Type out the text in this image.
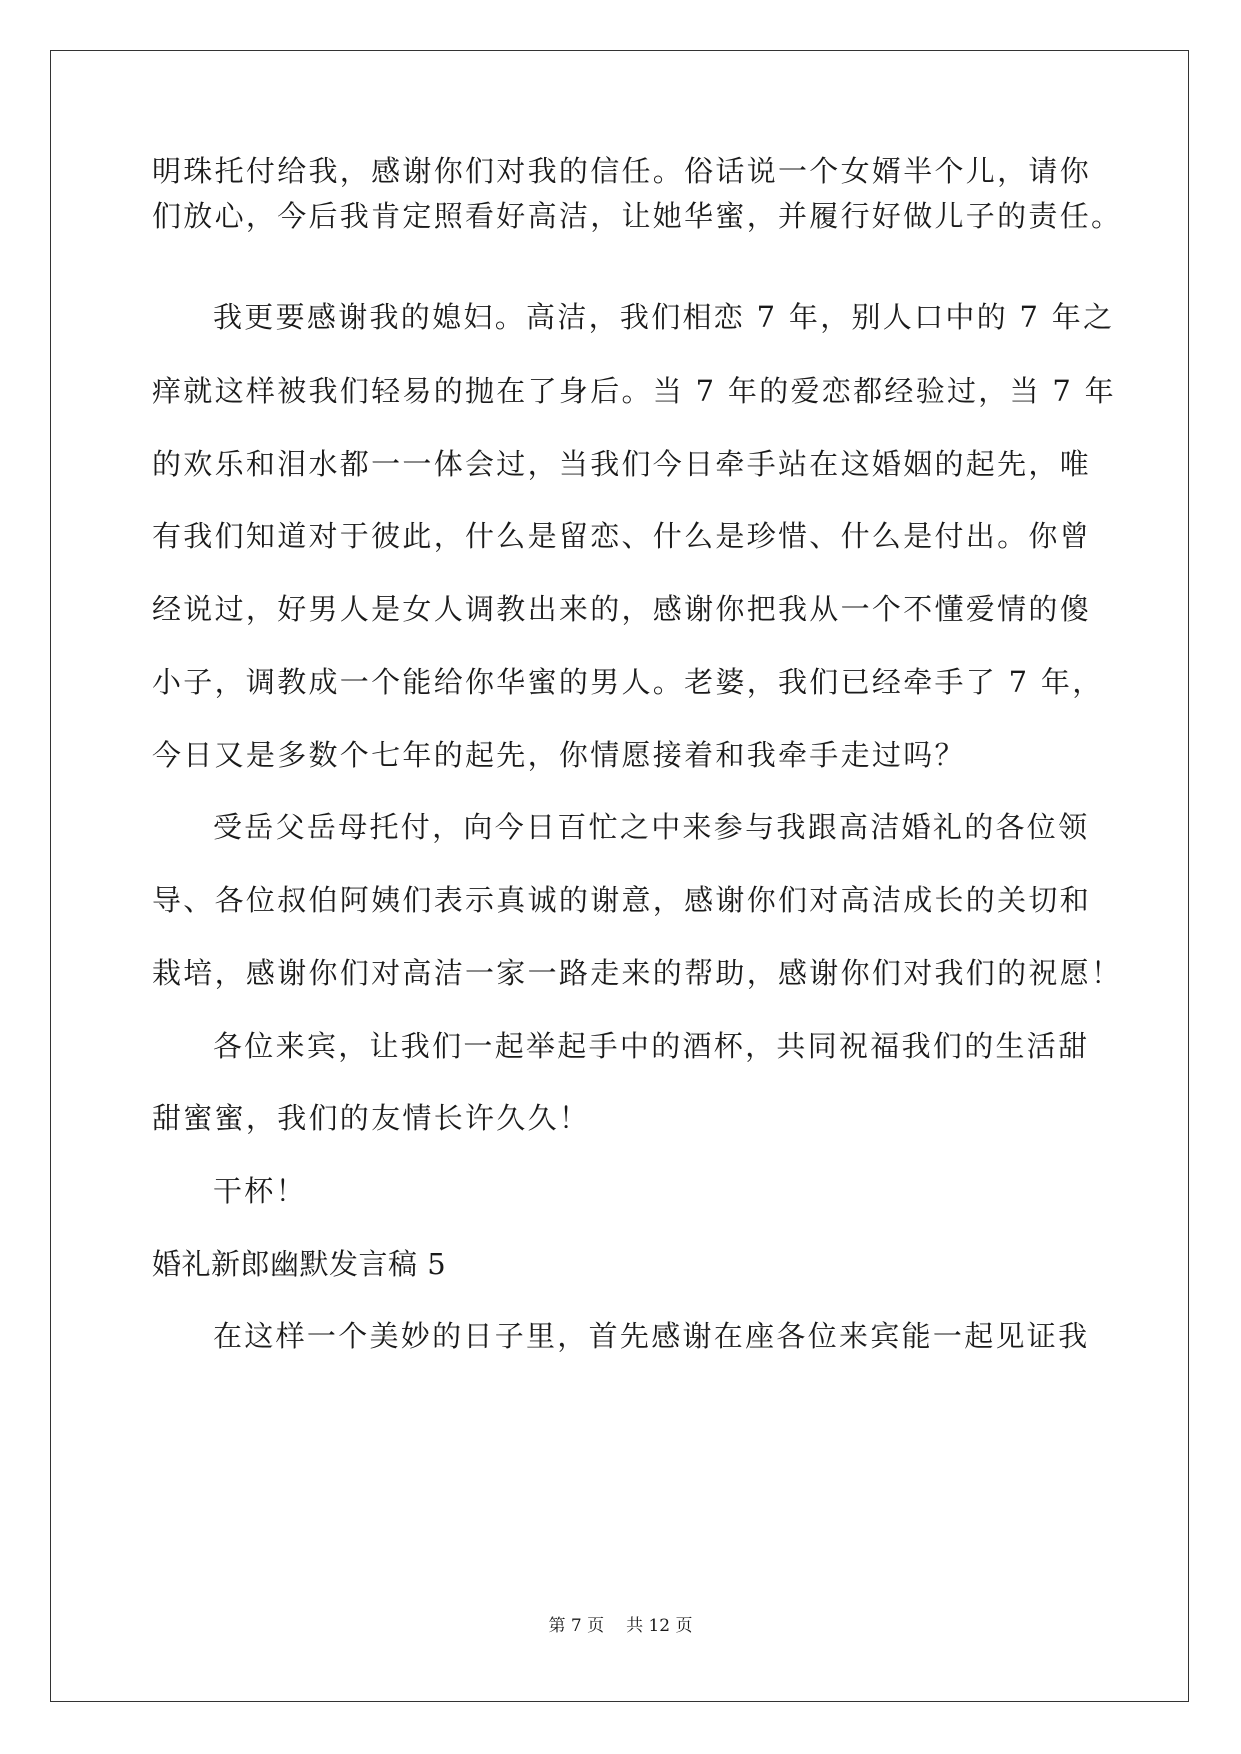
明珠托付给我，感谢你们对我的信任。俗话说一个女婿半个儿，请你
们放心，今后我肯定照看好高洁，让她华蜜，并履行好做儿子的责任。
我更要感谢我的媳妇。高洁，我们相恋 7 年，别人口中的 7 年之
痒就这样被我们轻易的抛在了身后。当 7 年的爱恋都经验过，当 7 年
的欢乐和泪水都一一体会过，当我们今日牵手站在这婚姻的起先，唯
有我们知道对于彼此，什么是留恋、什么是珍惜、什么是付出。你曾
经说过，好男人是女人调教出来的，感谢你把我从一个不懂爱情的傻
小子，调教成一个能给你华蜜的男人。老婆，我们已经牵手了 7 年，
今日又是多数个七年的起先，你情愿接着和我牵手走过吗？
受岳父岳母托付，向今日百忙之中来参与我跟高洁婚礼的各位领
导、各位叔伯阿姨们表示真诚的谢意，感谢你们对高洁成长的关切和
栽培，感谢你们对高洁一家一路走来的帮助，感谢你们对我们的祝愿！
各位来宾，让我们一起举起手中的酒杯，共同祝福我们的生活甜
甜蜜蜜，我们的友情长许久久！
干杯！
婚礼新郎幽默发言稿 5
在这样一个美妙的日子里，首先感谢在座各位来宾能一起见证我
第 7 页 共 12 页
